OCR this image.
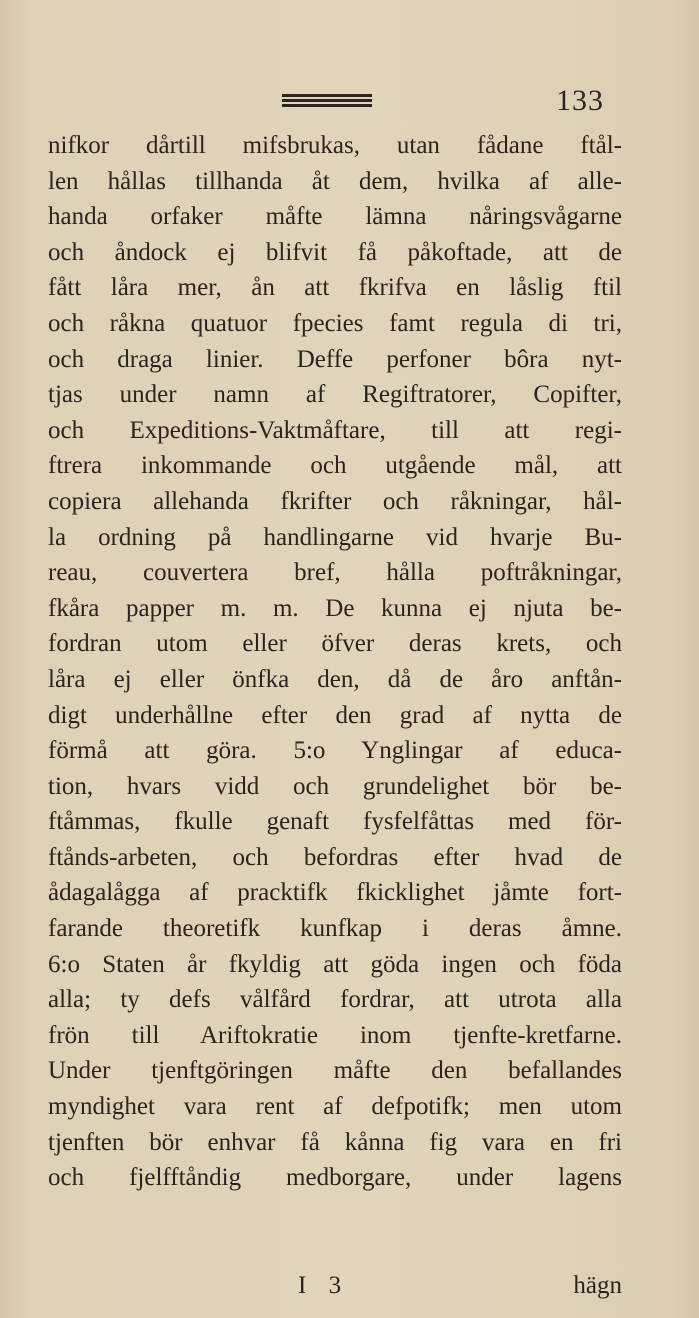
133
nifkor dårtill mifsbrukas, utan fådane ftål-
len hållas tillhanda åt dem, hvilka af alle-
handa orfaker måfte lämna nåringsvågarne
och åndock ej blifvit få påkoftade, att de
fått låra mer, ån att fkrifva en låslig ftil
och råkna quatuor fpecies famt regula di tri,
och draga linier. Deffe perfoner bôra nyt-
tjas under namn af Regiftratorer, Copifter,
och Expeditions-Vaktmåftare, till att regi-
ftrera inkommande och utgående mål, att
copiera allehanda fkrifter och råkningar, hål-
la ordning på handlingarne vid hvarje Bu-
reau, couvertera bref, hålla poftråkningar,
fkåra papper m. m. De kunna ej njuta be-
fordran utom eller öfver deras krets, och
låra ej eller önfka den, då de åro anftån-
digt underhållne efter den grad af nytta de
förmå att göra. 5:o Ynglingar af educa-
tion, hvars vidd och grundelighet bör be-
ftåmmas, fkulle genaft fysfelfåttas med för-
ftånds-arbeten, och befordras efter hvad de
ådagalågga af pracktifk fkicklighet jåmte fort-
farande theoretifk kunfkap i deras åmne.
6:o Staten år fkyldig att göda ingen och föda
alla; ty defs vålfård fordrar, att utrota alla
frön till Ariftokratie inom tjenfte-kretfarne.
Under tjenftgöringen måfte den befallandes
myndighet vara rent af defpotifk; men utom
tjenften bör enhvar få kånna fig vara en fri
och fjelfftåndig medborgare, under lagens
I 3	hägn
